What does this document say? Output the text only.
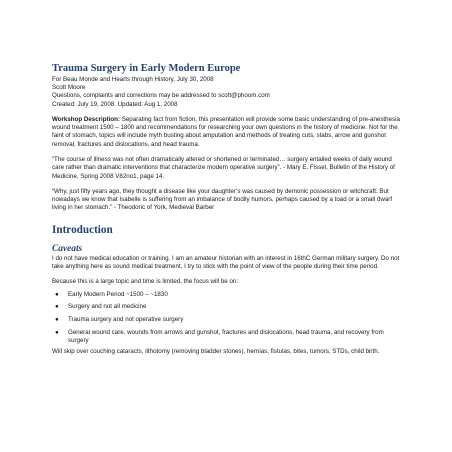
Trauma Surgery in Early Modern Europe

For Beau Monde and Hearts through History, July 30, 2008

Scott Moore

Questions, complaints and corrections may be addressed to scott@phoom.com

Created: July 19, 2008. Updated: Aug 1, 2008

Workshop Description: Separating fact from fiction, this presentation will provide some basic understanding of pre-anesthesia wound treatment 1500 – 1800 and recommendations for researching your own questions in the history of medicine. Not for the faint of stomach, topics will include myth busting about amputation and methods of treating cuts, stabs, arrow and gunshot removal, fractures and dislocations, and head trauma.

“The course of illness was not often dramatically altered or shortened or terminated… surgery entailed weeks of daily wound care rather than dramatic interventions that characterize modern operative surgery”. - Mary E. Fissel, Bulletin of the History of Medicine, Spring 2008 V82no1, page 14.

“Why, just fifty years ago, they thought a disease like your daughter’s was caused by demonic possession or witchcraft. But nowadays we know that Isabelle is suffering from an imbalance of bodily humors, perhaps caused by a toad or a small dwarf living in her stomach.” - Theodoric of York, Medieval Barber

Introduction

Caveats

I do not have medical education or training. I am an amateur historian with an interest in 16thC German military surgery. Do not take anything here as sound medical treatment, I try to stick with the point of view of the people during their time period.

Because this is a large topic and time is limited, the focus will be on:

● Early Modern Period ~1500 – ~1830
● Surgery and not all medicine
● Trauma surgery and not operative surgery
● General wound care, wounds from arrows and gunshot, fractures and dislocations, head trauma, and recovery from surgery

Will skip over couching cataracts, lithotomy (removing bladder stones), hernias, fistulas, bites, tumors, STDs, child birth.
